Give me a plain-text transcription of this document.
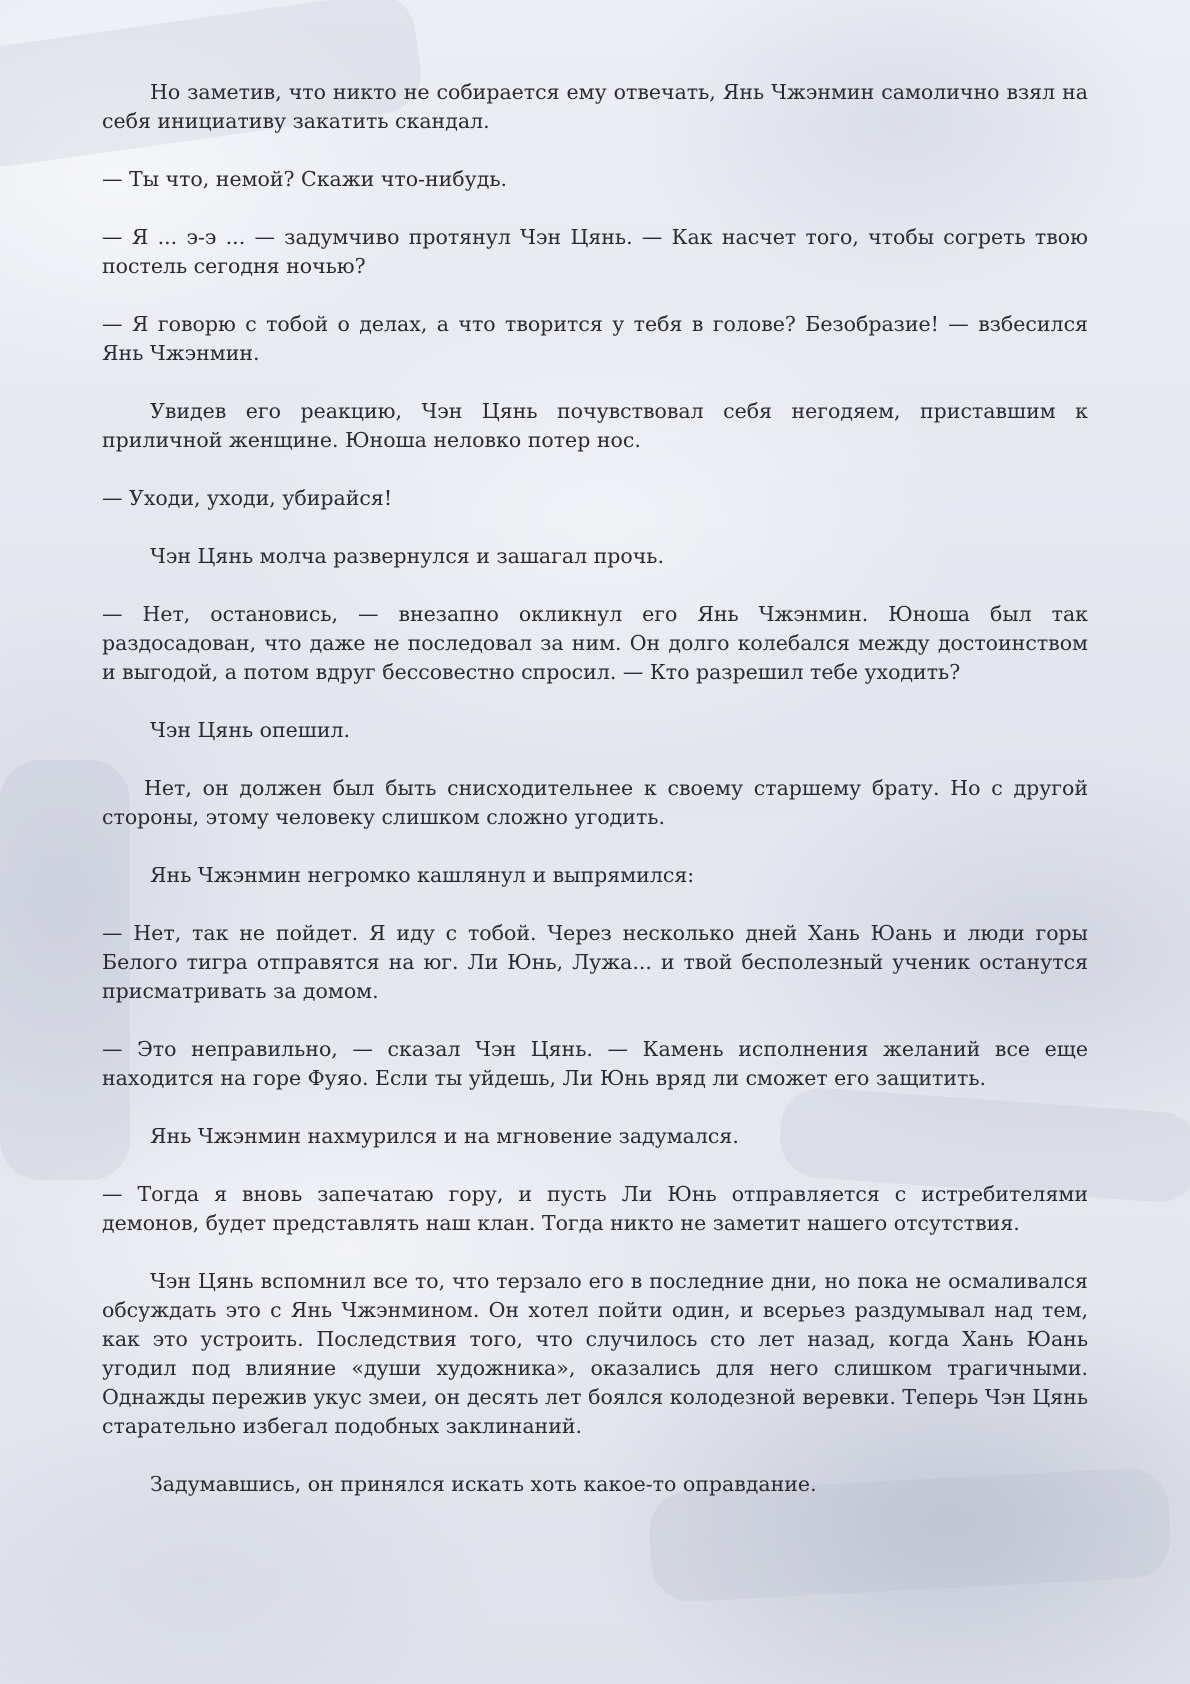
Но заметив, что никто не собирается ему отвечать, Янь Чжэнмин самолично взял на себя инициативу закатить скандал.

— Ты что, немой? Скажи что-нибудь.

— Я ... э-э ... — задумчиво протянул Чэн Цянь. — Как насчет того, чтобы согреть твою постель сегодня ночью?

— Я говорю с тобой о делах, а что творится у тебя в голове? Безобразие! — взбесился Янь Чжэнмин.

Увидев его реакцию, Чэн Цянь почувствовал себя негодяем, приставшим к приличной женщине. Юноша неловко потер нос.

— Уходи, уходи, убирайся!

Чэн Цянь молча развернулся и зашагал прочь.

— Нет, остановись, — внезапно окликнул его Янь Чжэнмин. Юноша был так раздосадован, что даже не последовал за ним. Он долго колебался между достоинством и выгодой, а потом вдруг бессовестно спросил. — Кто разрешил тебе уходить?

Чэн Цянь опешил.

Нет, он должен был быть снисходительнее к своему старшему брату. Но с другой стороны, этому человеку слишком сложно угодить.

Янь Чжэнмин негромко кашлянул и выпрямился:

— Нет, так не пойдет. Я иду с тобой. Через несколько дней Хань Юань и люди горы Белого тигра отправятся на юг. Ли Юнь, Лужа... и твой бесполезный ученик останутся присматривать за домом.

— Это неправильно, — сказал Чэн Цянь. — Камень исполнения желаний все еще находится на горе Фуяо. Если ты уйдешь, Ли Юнь вряд ли сможет его защитить.

Янь Чжэнмин нахмурился и на мгновение задумался.

— Тогда я вновь запечатаю гору, и пусть Ли Юнь отправляется с истребителями демонов, будет представлять наш клан. Тогда никто не заметит нашего отсутствия.

Чэн Цянь вспомнил все то, что терзало его в последние дни, но пока не осмаливался обсуждать это с Янь Чжэнмином. Он хотел пойти один, и всерьез раздумывал над тем, как это устроить. Последствия того, что случилось сто лет назад, когда Хань Юань угодил под влияние «души художника», оказались для него слишком трагичными. Однажды пережив укус змеи, он десять лет боялся колодезной веревки. Теперь Чэн Цянь старательно избегал подобных заклинаний.

Задумавшись, он принялся искать хоть какое-то оправдание.
